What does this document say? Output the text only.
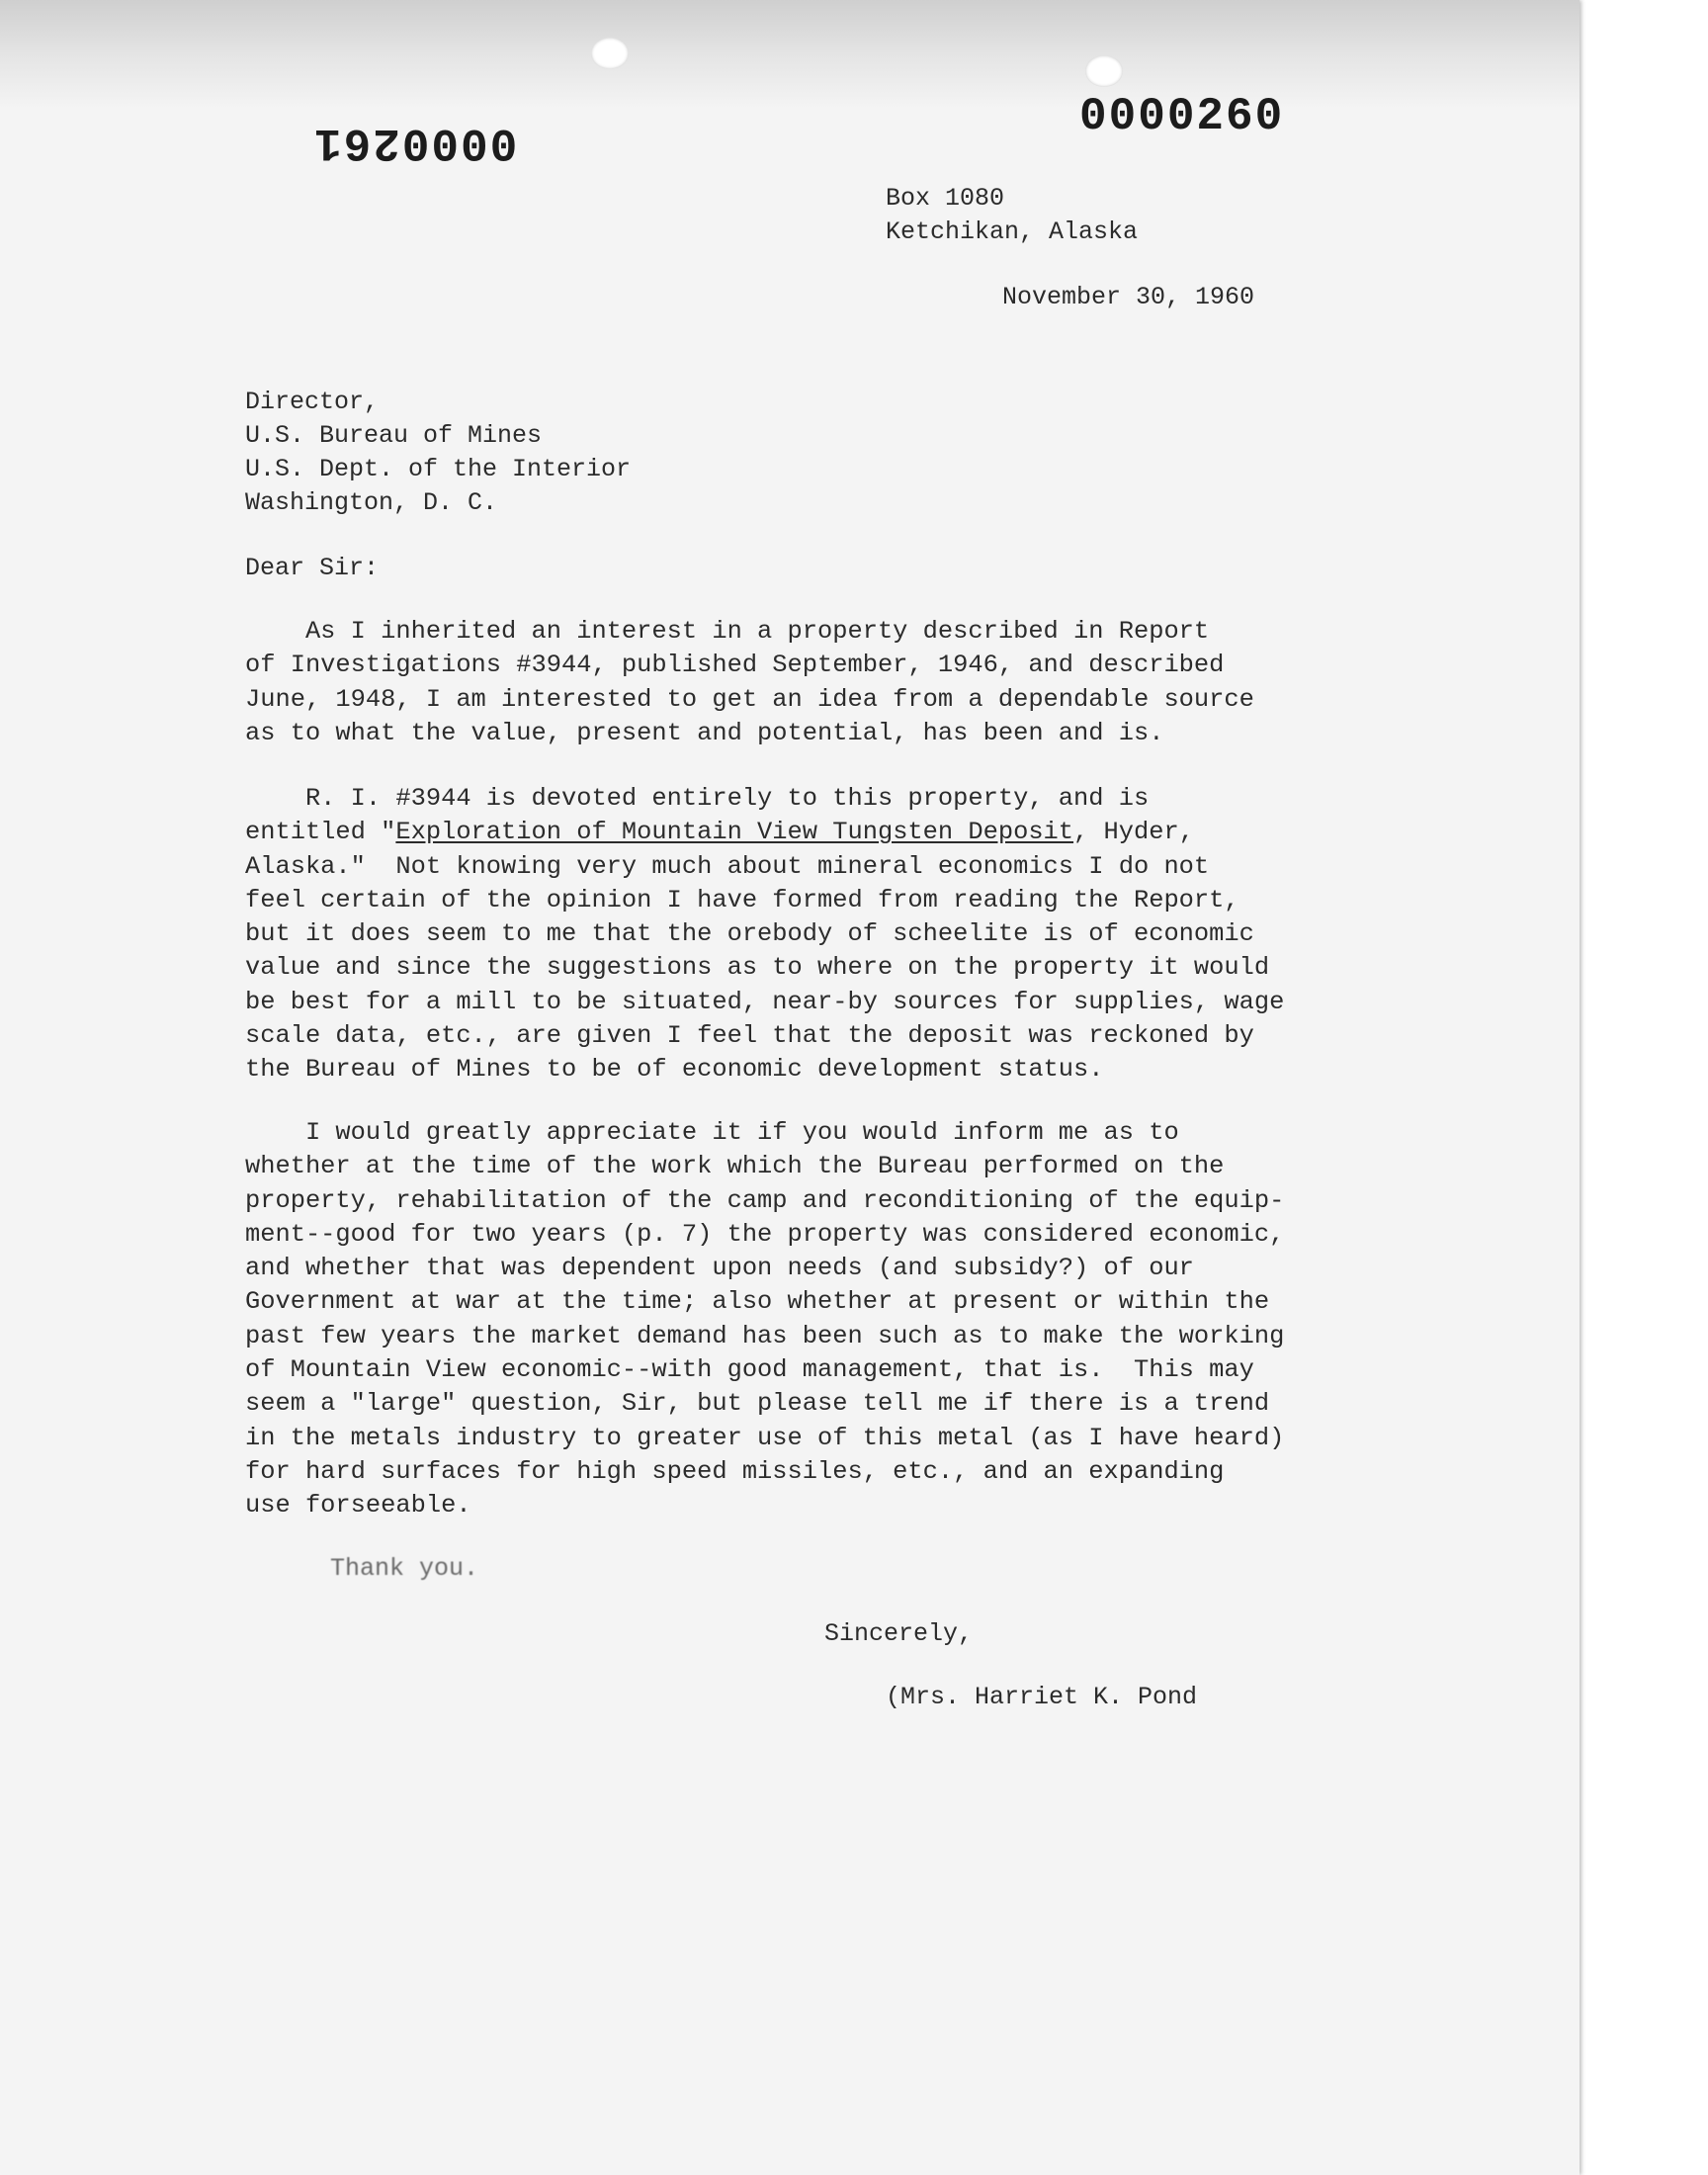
0000261	0000260
Box 1080
Ketchikan, Alaska
November 30, 1960
Director,
U.S. Bureau of Mines
U.S. Dept. of the Interior
Washington, D. C.
Dear Sir:
As I inherited an interest in a property described in Report
of Investigations #3944, published September, 1946, and described
June, 1948, I am interested to get an idea from a dependable source
as to what the value, present and potential, has been and is.
R. I. #3944 is devoted entirely to this property, and is
entitled "Exploration of Mountain View Tungsten Deposit, Hyder,
Alaska."  Not knowing very much about mineral economics I do not
feel certain of the opinion I have formed from reading the Report,
but it does seem to me that the orebody of scheelite is of economic
value and since the suggestions as to where on the property it would
be best for a mill to be situated, near-by sources for supplies, wage
scale data, etc., are given I feel that the deposit was reckoned by
the Bureau of Mines to be of economic development status.
I would greatly appreciate it if you would inform me as to
whether at the time of the work which the Bureau performed on the
property, rehabilitation of the camp and reconditioning of the equip-
ment--good for two years (p. 7) the property was considered economic,
and whether that was dependent upon needs (and subsidy?) of our
Government at war at the time; also whether at present or within the
past few years the market demand has been such as to make the working
of Mountain View economic--with good management, that is.  This may
seem a "large" question, Sir, but please tell me if there is a trend
in the metals industry to greater use of this metal (as I have heard)
for hard surfaces for high speed missiles, etc., and an expanding
use forseeable.
Thank you.
Sincerely,
(Mrs. Harriet K. Pond
